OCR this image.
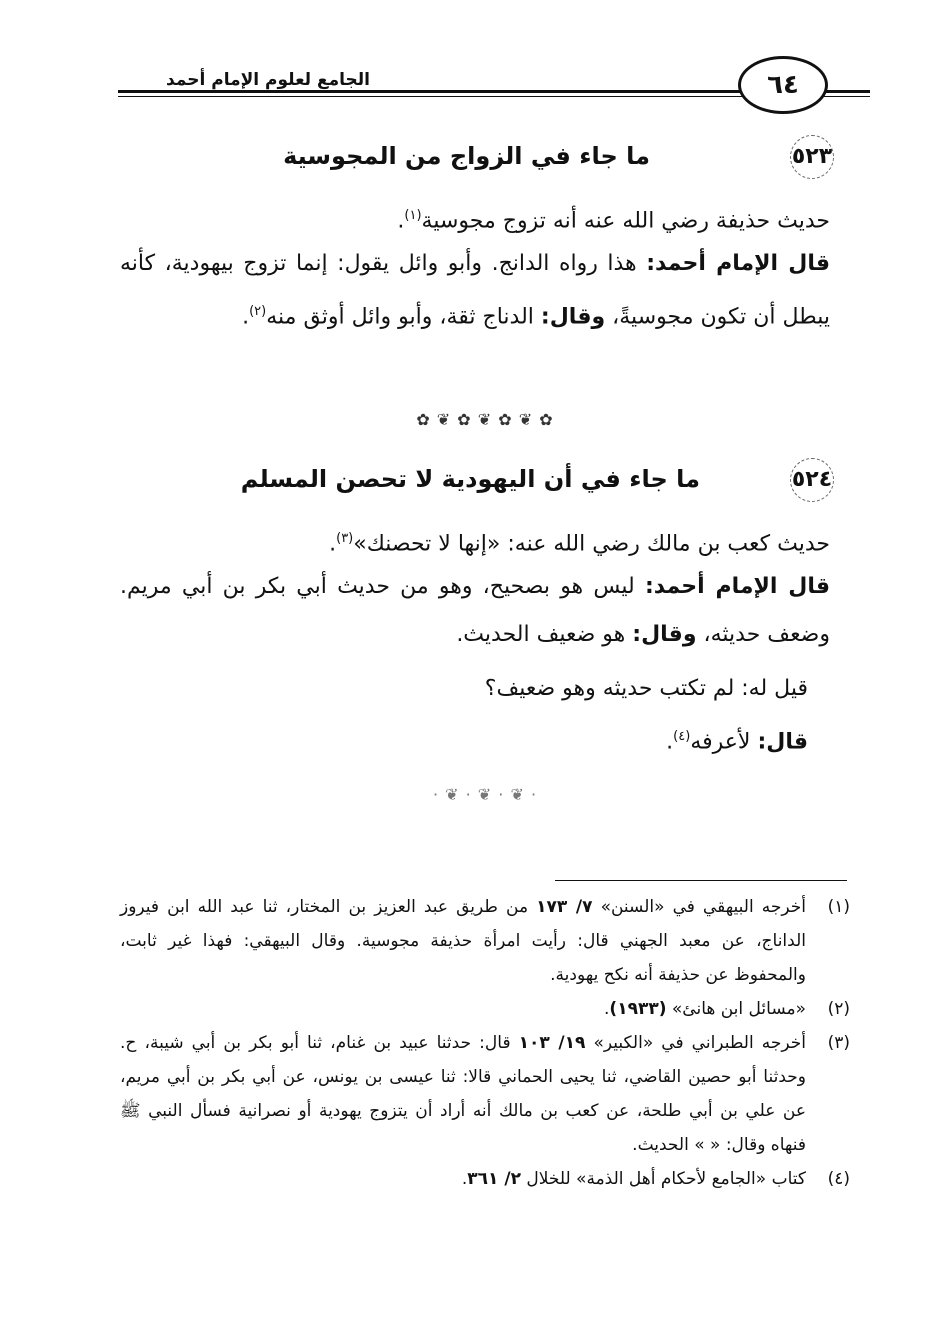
الجامع لعلوم الإمام أحمد	٦٤
٥٢٣
ما جاء في الزواج من المجوسية
حديث حذيفة رضي الله عنه أنه تزوج مجوسية$^{(١)}$.
قال الإمام أحمد: هذا رواه الدانج. وأبو وائل يقول: إنما تزوج بيهودية، كأنه يبطل أن تكون مجوسيةً، وقال: الدناج ثقة، وأبو وائل أوثق منه$^{(٢)}$.
✿ ❦ ✿ ❦ ✿ ❦ ✿
٥٢٤
ما جاء في أن اليهودية لا تحصن المسلم
حديث كعب بن مالك رضي الله عنه: «إنها لا تحصنك»$^{(٣)}$.
قال الإمام أحمد: ليس هو بصحيح، وهو من حديث أبي بكر بن أبي مريم. وضعف حديثه، وقال: هو ضعيف الحديث.
قيل له: لم تكتب حديثه وهو ضعيف؟
قال: لأعرفه$^{(٤)}$.
· ❦ · ❦ · ❦ ·
(١)
أخرجه البيهقي في «السنن» ٧/ ١٧٣ من طريق عبد العزيز بن المختار، ثنا عبد الله ابن فيروز الداناج، عن معبد الجهني قال: رأيت امرأة حذيفة مجوسية. وقال البيهقي: فهذا غير ثابت، والمحفوظ عن حذيفة أنه نكح يهودية.
(٢)
«مسائل ابن هانئ» (١٩٣٣).
(٣)
أخرجه الطبراني في «الكبير» ١٩/ ١٠٣ قال: حدثنا عبيد بن غنام، ثنا أبو بكر بن أبي شيبة، ح. وحدثنا أبو حصين القاضي، ثنا يحيى الحماني قالا: ثنا عيسى بن يونس، عن أبي بكر بن أبي مريم، عن علي بن أبي طلحة، عن كعب بن مالك أنه أراد أن يتزوج يهودية أو نصرانية فسأل النبي ﷺ فنهاه وقال: « » الحديث.
(٤)
كتاب «الجامع لأحكام أهل الذمة» للخلال ٢/ ٣٦١.
